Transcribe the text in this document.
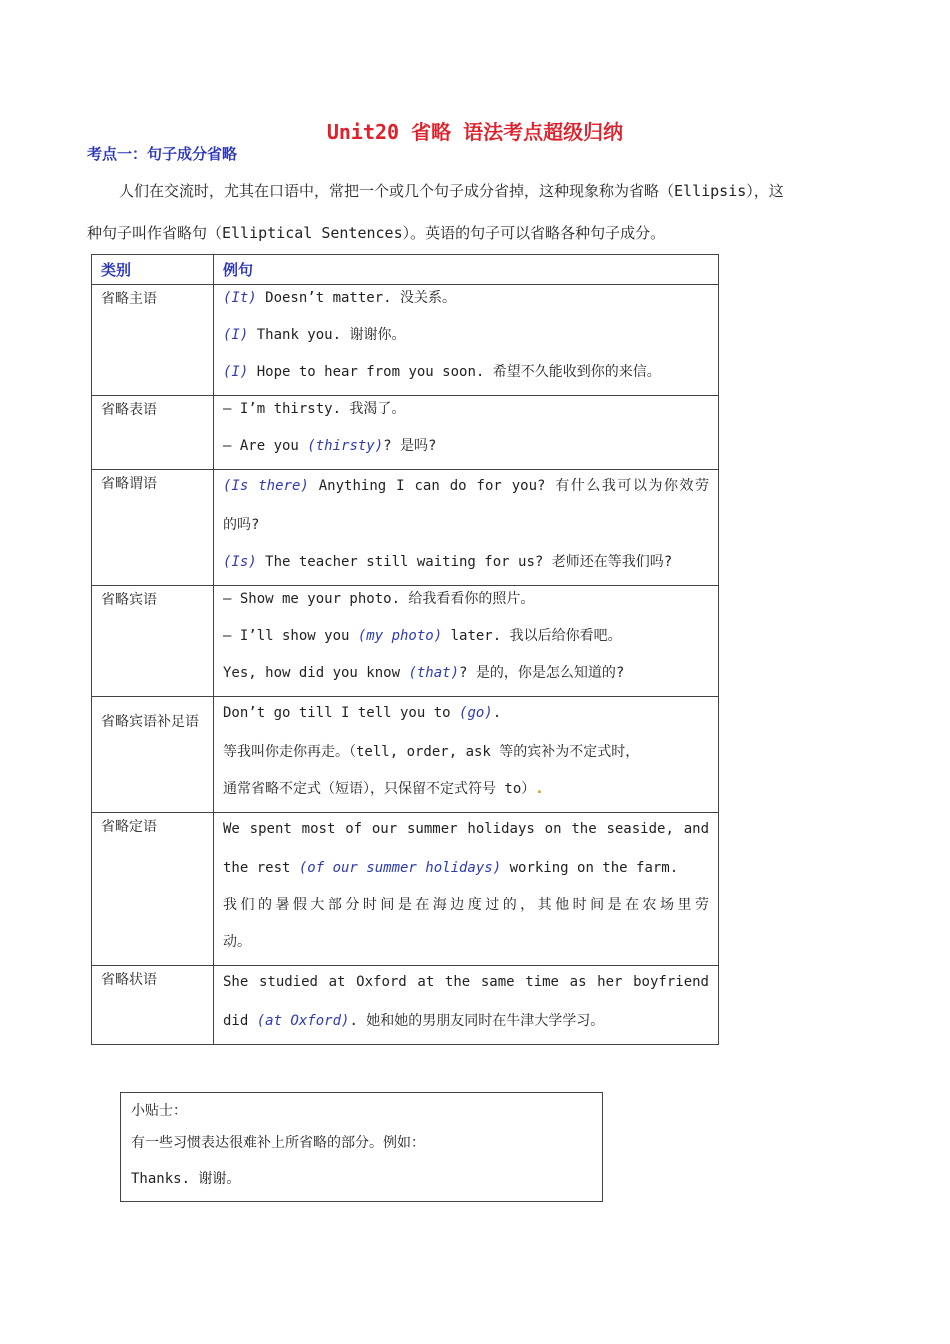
Unit20 省略 语法考点超级归纳
考点一：句子成分省略
人们在交流时，尤其在口语中，常把一个或几个句子成分省掉，这种现象称为省略（Ellipsis），这
种句子叫作省略句（Elliptical Sentences）。英语的句子可以省略各种句子成分。
类别	例句

省略主语	(It) Doesn’t matter. 没关系。
(I) Thank you. 谢谢你。
(I) Hope to hear from you soon. 希望不久能收到你的来信。

省略表语	— I’m thirsty. 我渴了。
— Are you (thirsty)? 是吗?

省略谓语	(Is there) Anything I can do for you? 有什么我可以为你效劳
的吗?
(Is) The teacher still waiting for us? 老师还在等我们吗?

省略宾语	— Show me your photo. 给我看看你的照片。
— I’ll show you (my photo) later. 我以后给你看吧。
Yes, how did you know (that)? 是的，你是怎么知道的?

省略宾语补足语	Don’t go till I tell you to (go).
等我叫你走你再走。（tell, order, ask 等的宾补为不定式时，
通常省略不定式（短语），只保留不定式符号 to）.

省略定语	We spent most of our summer holidays on the seaside, and
the rest (of our summer holidays) working on the farm.
我们的暑假大部分时间是在海边度过的，其他时间是在农场里劳
动。

省略状语	She studied at Oxford at the same time as her boyfriend
did (at Oxford). 她和她的男朋友同时在牛津大学学习。
小贴士：
有一些习惯表达很难补上所省略的部分。例如：
Thanks. 谢谢。
